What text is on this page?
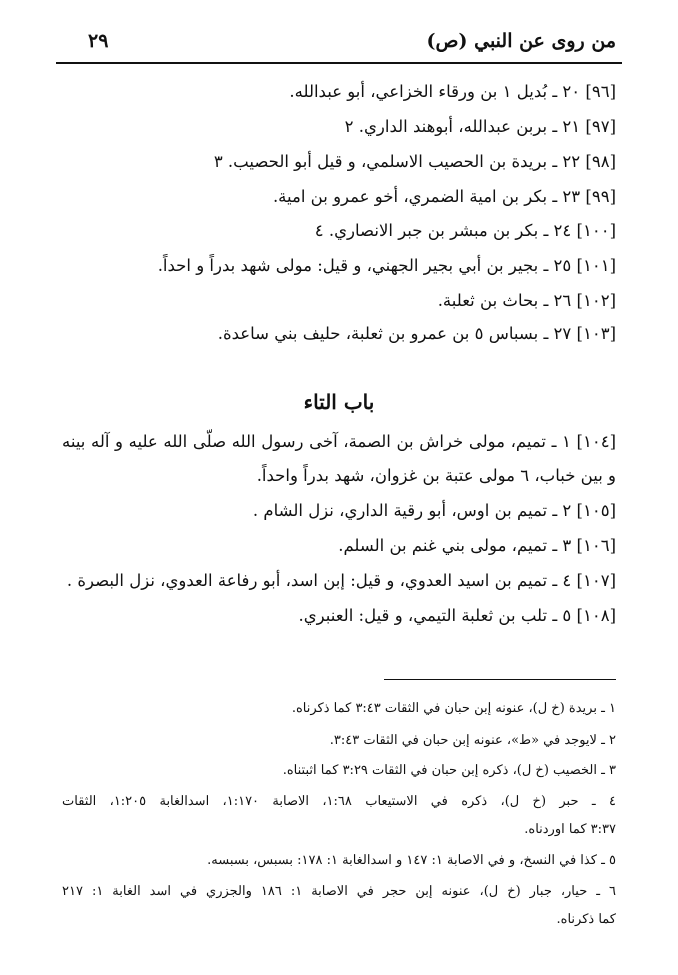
من روى عن النبي (ص)
٢٩
[٩٦] ٢٠ ـ بُديل ١ بن ورقاء الخزاعي، أبو عبدالله.
[٩٧] ٢١ ـ بربن عبدالله، أبوهند الداري. ٢
[٩٨] ٢٢ ـ بريدة بن الحصيب الاسلمي، و قيل أبو الحصيب. ٣
[٩٩] ٢٣ ـ بكر بن امية الضمري، أخو عمرو بن امية.
[١٠٠] ٢٤ ـ بكر بن مبشر بن جبر الانصاري. ٤
[١٠١] ٢٥ ـ بجير بن أبي بجير الجهني، و قيل: مولى شهد بدراً و احداً.
[١٠٢] ٢٦ ـ بحاث بن ثعلبة.
[١٠٣] ٢٧ ـ بسباس ٥ بن عمرو بن ثعلبة، حليف بني ساعدة.
باب التاء
[١٠٤] ١ ـ تميم، مولى خراش بن الصمة، آخى رسول الله صلّى الله عليه و آله بينه
و بين خباب، ٦ مولى عتبة بن غزوان، شهد بدراً واحداً.
[١٠٥] ٢ ـ تميم بن اوس، أبو رقية الداري، نزل الشام .
[١٠٦] ٣ ـ تميم، مولى بني غنم بن السلم.
[١٠٧] ٤ ـ تميم بن اسيد العدوي، و قيل: إبن اسد، أبو رفاعة العدوي، نزل البصرة .
[١٠٨] ٥ ـ تلب بن ثعلبة التيمي، و قيل: العنبري.
١ ـ بريدة (خ ل)، عنونه إبن حبان في الثقات ٣:٤٣ كما ذكرناه.
٢ ـ لايوجد في «ط»، عنونه إبن حبان في الثقات ٣:٤٣.
٣ ـ الخصيب (خ ل)، ذكره إبن حبان في الثقات ٣:٢٩ كما اثبتناه.
٤ ـ حبر (خ ل)، ذكره في الاستيعاب ١:٦٨، الاصابة ١:١٧٠، اسدالغابة ١:٢٠٥، الثقات
٣:٣٧ كما اوردناه.
٥ ـ كذا في النسخ، و في الاصابة ١: ١٤٧ و اسدالغابة ١: ١٧٨: بسبس، بسبسه.
٦ ـ حيار، جبار (خ ل)، عنونه إبن حجر في الاصابة ١: ١٨٦ والجزري في اسد الغابة ١: ٢١٧
كما ذكرناه.
